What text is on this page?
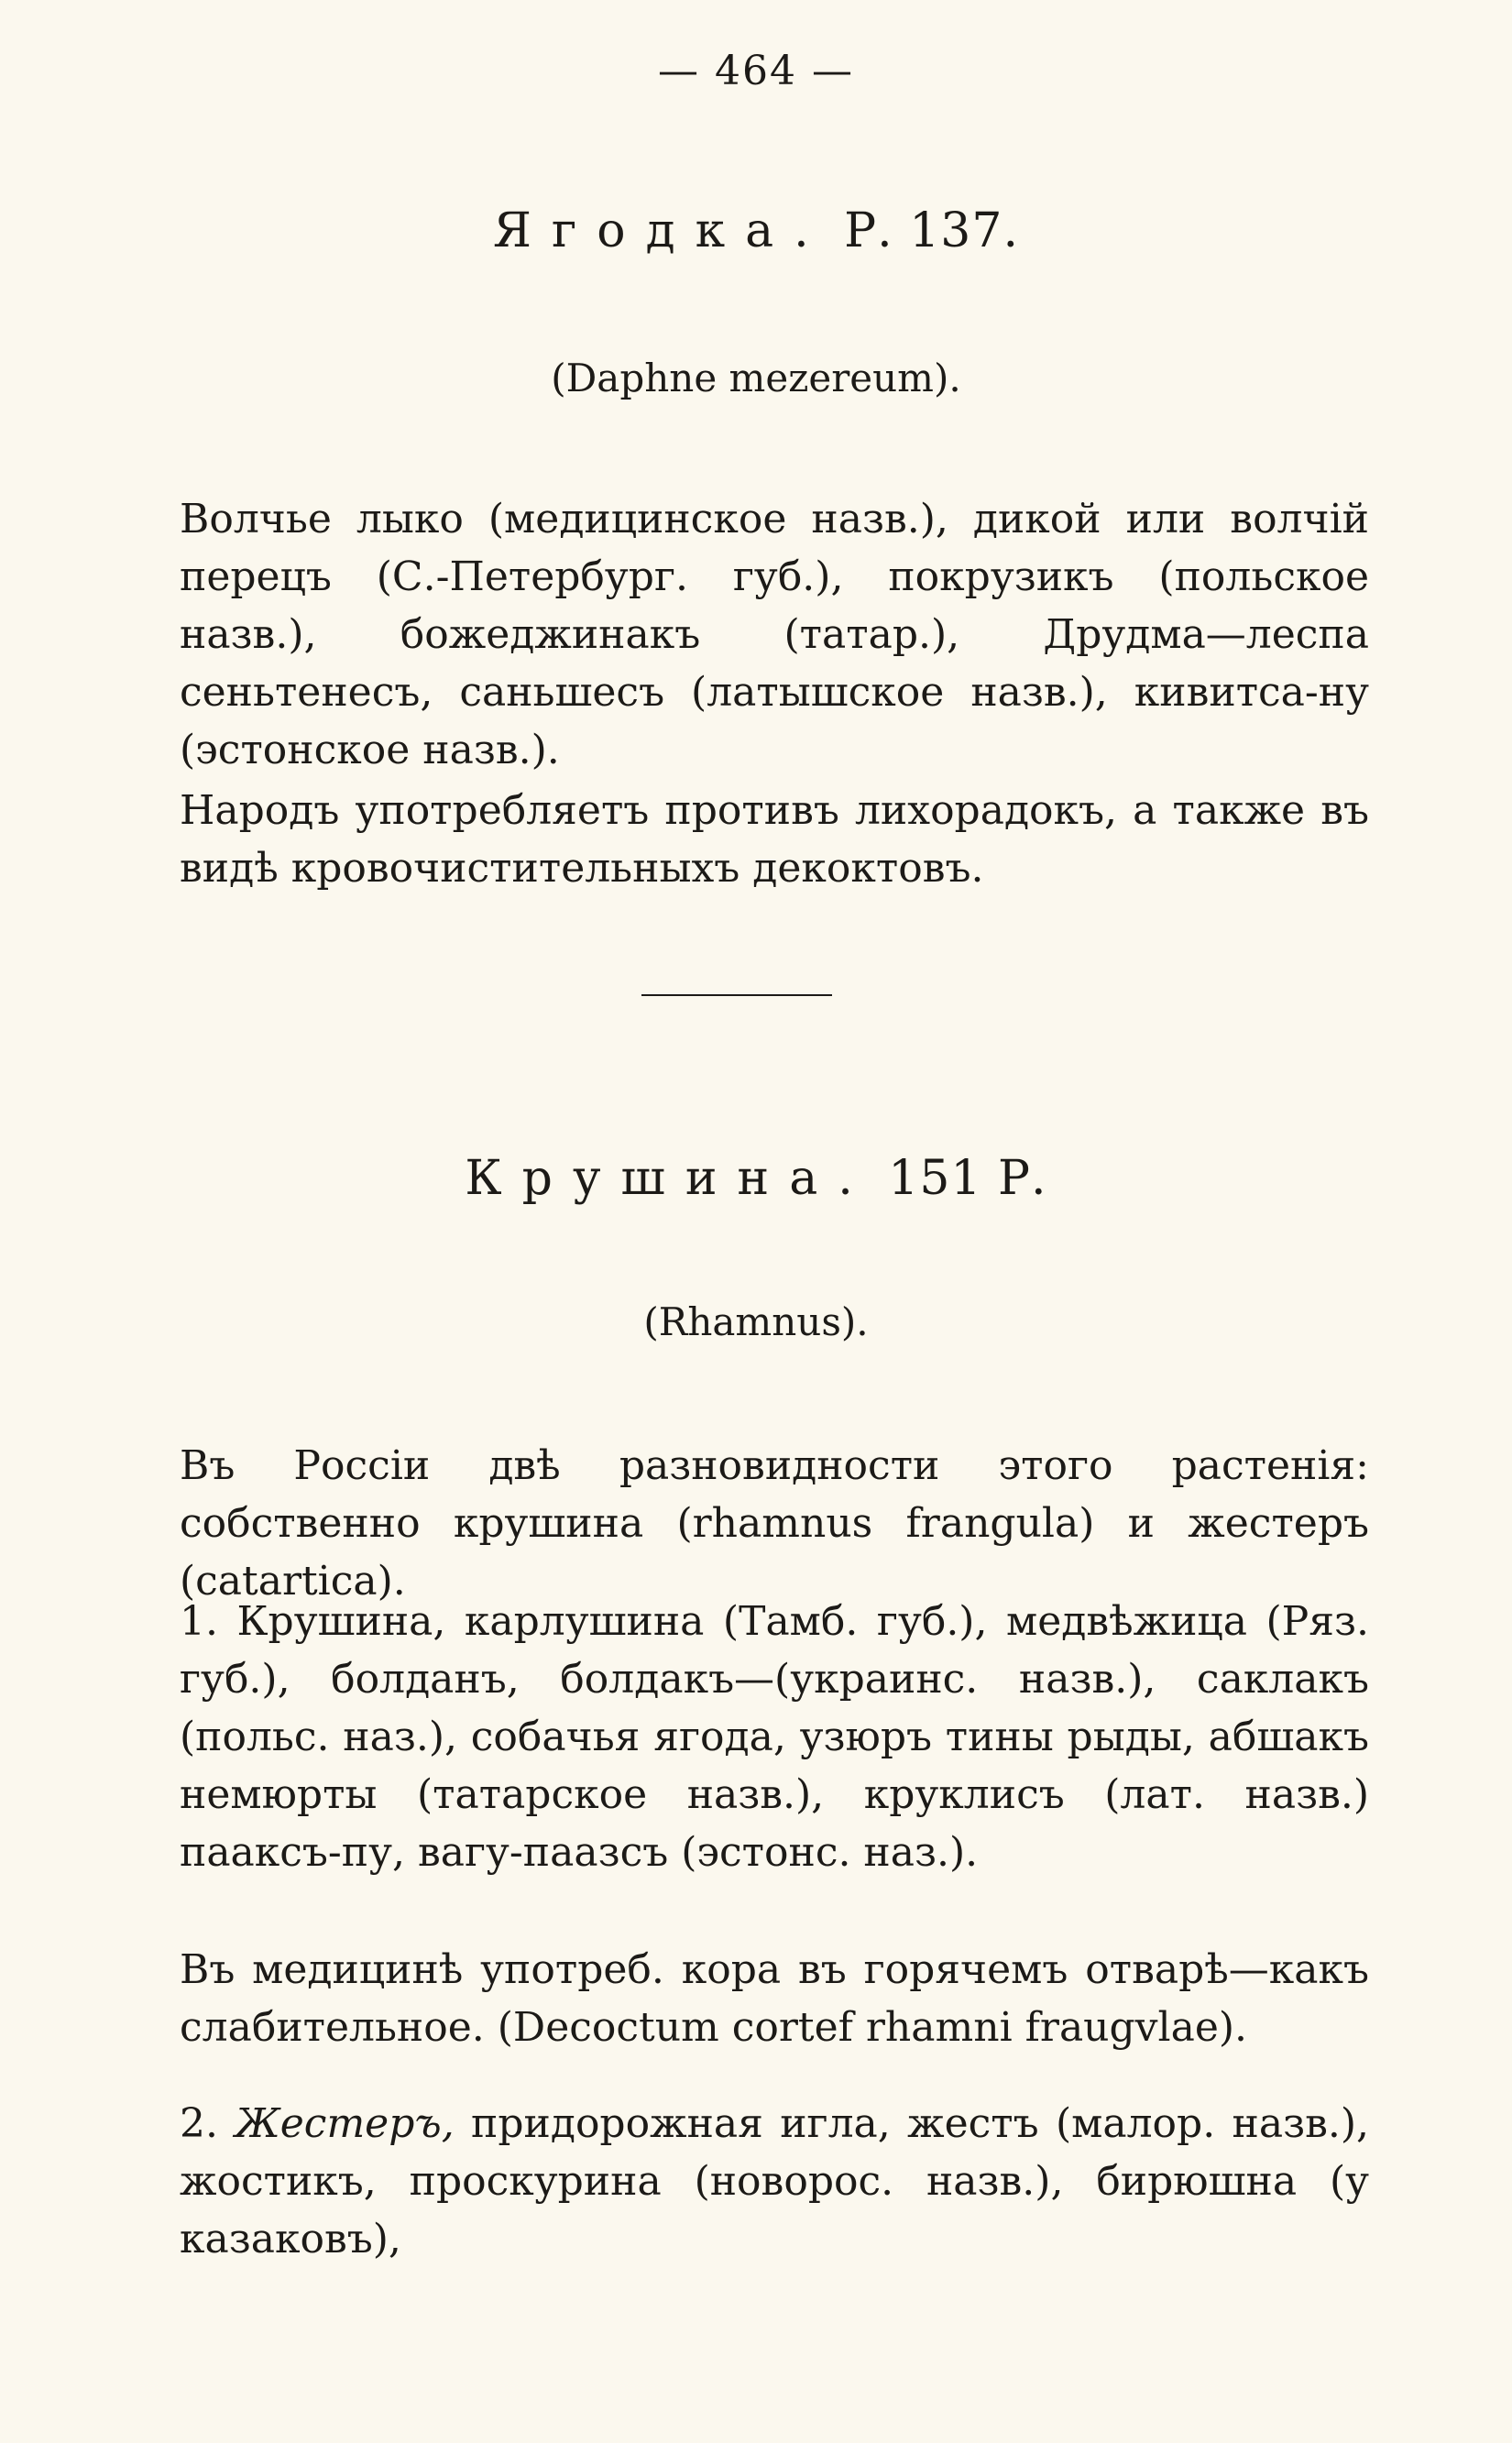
— 464 —
Ягодка. Р. 137.
(Daphne mezereum).

Волчье лыко (медицинское назв.), дикой или волчій перецъ (С.-Петербург. губ.), покрузикъ (польское назв.), божеджинакъ (татар.), Друдма—леспа сеньтенесъ, саньшесъ (латышское назв.), кивитса-ну (эстонское назв.).

Народъ употребляетъ противъ лихорадокъ, а также въ видѣ кровочистительныхъ декоктовъ.

Крушина. 151 Р.
(Rhamnus).

Въ Россіи двѣ разновидности этого растенія: собственно крушина (rhamnus frangula) и жестеръ (catartica).

1. Крушина, карлушина (Тамб. губ.), медвѣжица (Ряз. губ.), болданъ, болдакъ—(украинс. назв.), саклакъ (польс. наз.), собачья ягода, узюръ тины рыды, абшакъ немюрты (татарское назв.), круклисъ (лат. назв.) пааксъ-пу, вагу-паазсъ (эстонс. наз.).

Въ медицинѣ употреб. кора въ горячемъ отварѣ—какъ слабительное. (Decoctum cortef rhamni fraugvlae).

2. Жестеръ, придорожная игла, жестъ (малор. назв.), жостикъ, проскурина (новорос. назв.), бирюшна (у казаковъ),
